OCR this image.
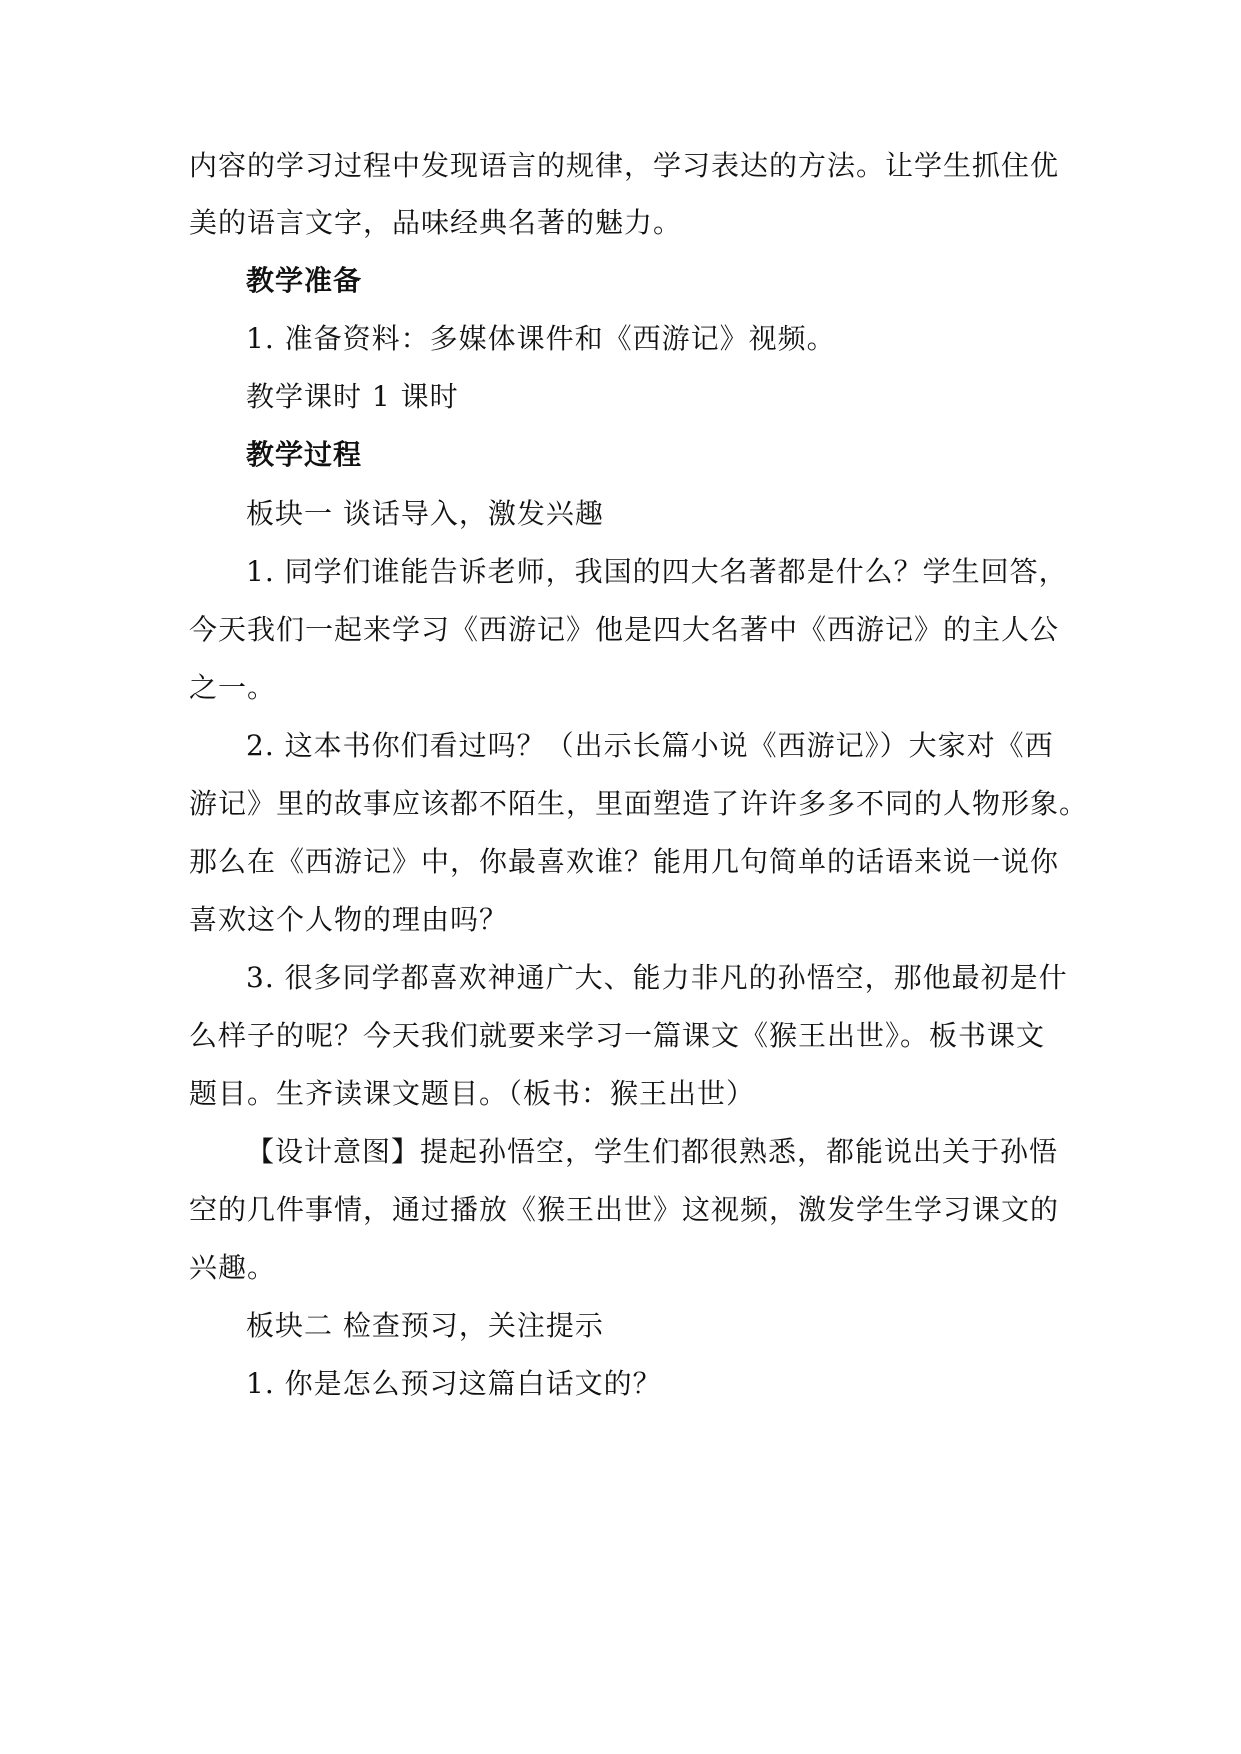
内容的学习过程中发现语言的规律，学习表达的方法。让学生抓住优
美的语言文字，品味经典名著的魅力。
教学准备
1. 准备资料：多媒体课件和《西游记》视频。
教学课时 1 课时
教学过程
板块一 谈话导入，激发兴趣
1. 同学们谁能告诉老师，我国的四大名著都是什么？学生回答，
今天我们一起来学习《西游记》他是四大名著中《西游记》的主人公
之一。
2. 这本书你们看过吗？（出示长篇小说《西游记》）大家对《西
游记》里的故事应该都不陌生，里面塑造了许许多多不同的人物形象。
那么在《西游记》中，你最喜欢谁？能用几句简单的话语来说一说你
喜欢这个人物的理由吗？
3. 很多同学都喜欢神通广大、能力非凡的孙悟空，那他最初是什
么样子的呢？今天我们就要来学习一篇课文《猴王出世》。板书课文
题目。生齐读课文题目。（板书：猴王出世）
【设计意图】提起孙悟空，学生们都很熟悉，都能说出关于孙悟
空的几件事情，通过播放《猴王出世》这视频，激发学生学习课文的
兴趣。
板块二 检查预习，关注提示
1. 你是怎么预习这篇白话文的？
